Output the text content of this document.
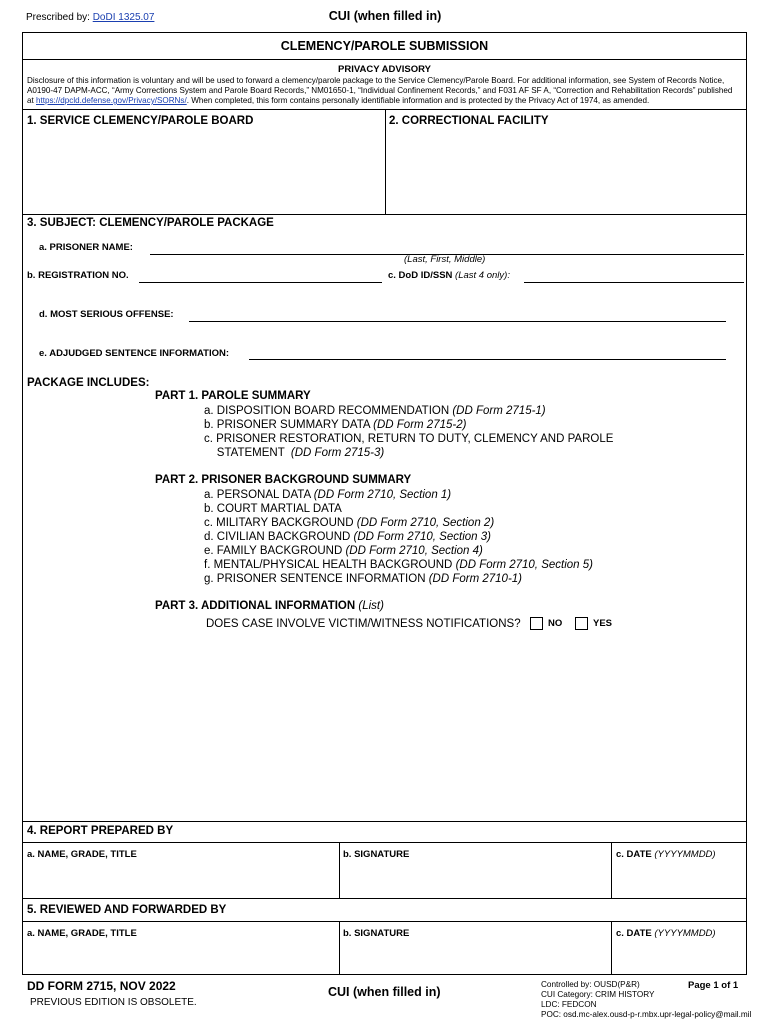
Prescribed by: DoDI 1325.07	CUI (when filled in)
CLEMENCY/PAROLE SUBMISSION
PRIVACY ADVISORY
Disclosure of this information is voluntary and will be used to forward a clemency/parole package to the Service Clemency/Parole Board. For additional information, see System of Records Notice,
A0190-47 DAPM-ACC, “Army Corrections System and Parole Board Records,” NM01650-1, “Individual Confinement Records,” and F031 AF SF A, “Correction and Rehabilitation Records” published
at https://dpcld.defense.gov/Privacy/SORNs/. When completed, this form contains personally identifiable information and is protected by the Privacy Act of 1974, as amended.
1. SERVICE CLEMENCY/PAROLE BOARD	2. CORRECTIONAL FACILITY
3. SUBJECT: CLEMENCY/PAROLE PACKAGE
a. PRISONER NAME:
(Last, First, Middle)
b. REGISTRATION NO.	c. DoD ID/SSN (Last 4 only):
d. MOST SERIOUS OFFENSE:
e. ADJUDGED SENTENCE INFORMATION:
PACKAGE INCLUDES:
PART 1. PAROLE SUMMARY
a. DISPOSITION BOARD RECOMMENDATION (DD Form 2715-1)
b. PRISONER SUMMARY DATA (DD Form 2715-2)
c. PRISONER RESTORATION, RETURN TO DUTY, CLEMENCY AND PAROLE
STATEMENT  (DD Form 2715-3)
PART 2. PRISONER BACKGROUND SUMMARY
a. PERSONAL DATA (DD Form 2710, Section 1)
b. COURT MARTIAL DATA
c. MILITARY BACKGROUND (DD Form 2710, Section 2)
d. CIVILIAN BACKGROUND (DD Form 2710, Section 3)
e. FAMILY BACKGROUND (DD Form 2710, Section 4)
f. MENTAL/PHYSICAL HEALTH BACKGROUND (DD Form 2710, Section 5)
g. PRISONER SENTENCE INFORMATION (DD Form 2710-1)
PART 3. ADDITIONAL INFORMATION (List)
DOES CASE INVOLVE VICTIM/WITNESS NOTIFICATIONS?	NO	YES
4. REPORT PREPARED BY
a. NAME, GRADE, TITLE	b. SIGNATURE	c. DATE (YYYYMMDD)
5. REVIEWED AND FORWARDED BY
a. NAME, GRADE, TITLE	b. SIGNATURE	c. DATE (YYYYMMDD)
DD FORM 2715, NOV 2022
PREVIOUS EDITION IS OBSOLETE.
CUI (when filled in)
Controlled by: OUSD(P&R)
CUI Category: CRIM HISTORY
LDC: FEDCON
POC: osd.mc-alex.ousd-p-r.mbx.upr-legal-policy@mail.mil
Page 1 of 1
